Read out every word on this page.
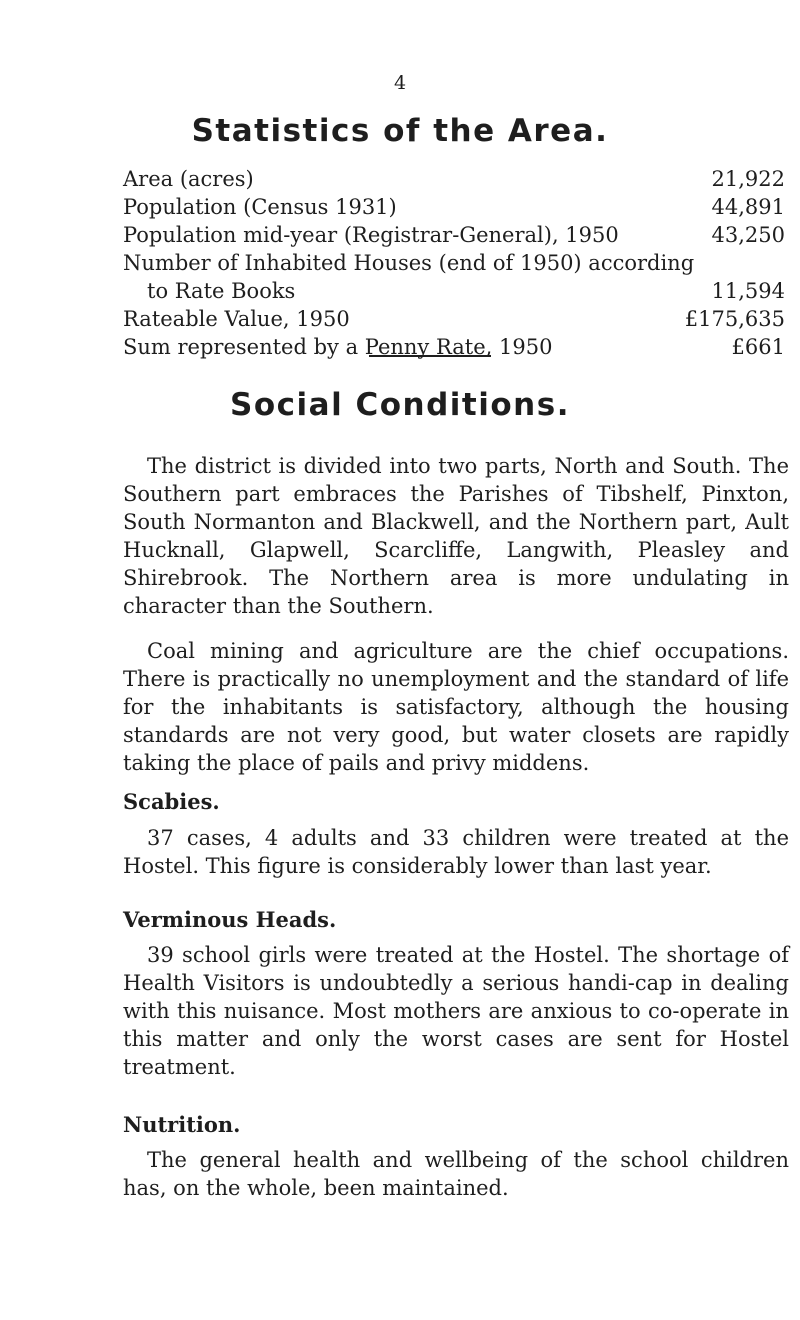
4
Statistics of the Area.
Area (acres)	21,922
Population (Census 1931)	44,891
Population mid-year (Registrar-General), 1950	43,250
Number of Inhabited Houses (end of 1950) according
to Rate Books	11,594
Rateable Value, 1950	£175,635
Sum represented by a Penny Rate, 1950	£661
Social Conditions.

The district is divided into two parts, North and South. The Southern part embraces the Parishes of Tibshelf, Pinxton, South Normanton and Blackwell, and the Northern part, Ault Hucknall, Glapwell, Scarcliffe, Langwith, Pleasley and Shirebrook. The Northern area is more undulating in character than the Southern.

Coal mining and agriculture are the chief occupations. There is practically no unemployment and the standard of life for the inhabitants is satisfactory, although the housing standards are not very good, but water closets are rapidly taking the place of pails and privy middens.

Scabies.

37 cases, 4 adults and 33 children were treated at the Hostel. This figure is considerably lower than last year.

Verminous Heads.

39 school girls were treated at the Hostel. The shortage of Health Visitors is undoubtedly a serious handi-cap in dealing with this nuisance. Most mothers are anxious to co-operate in this matter and only the worst cases are sent for Hostel treatment.

Nutrition.

The general health and wellbeing of the school children has, on the whole, been maintained.
